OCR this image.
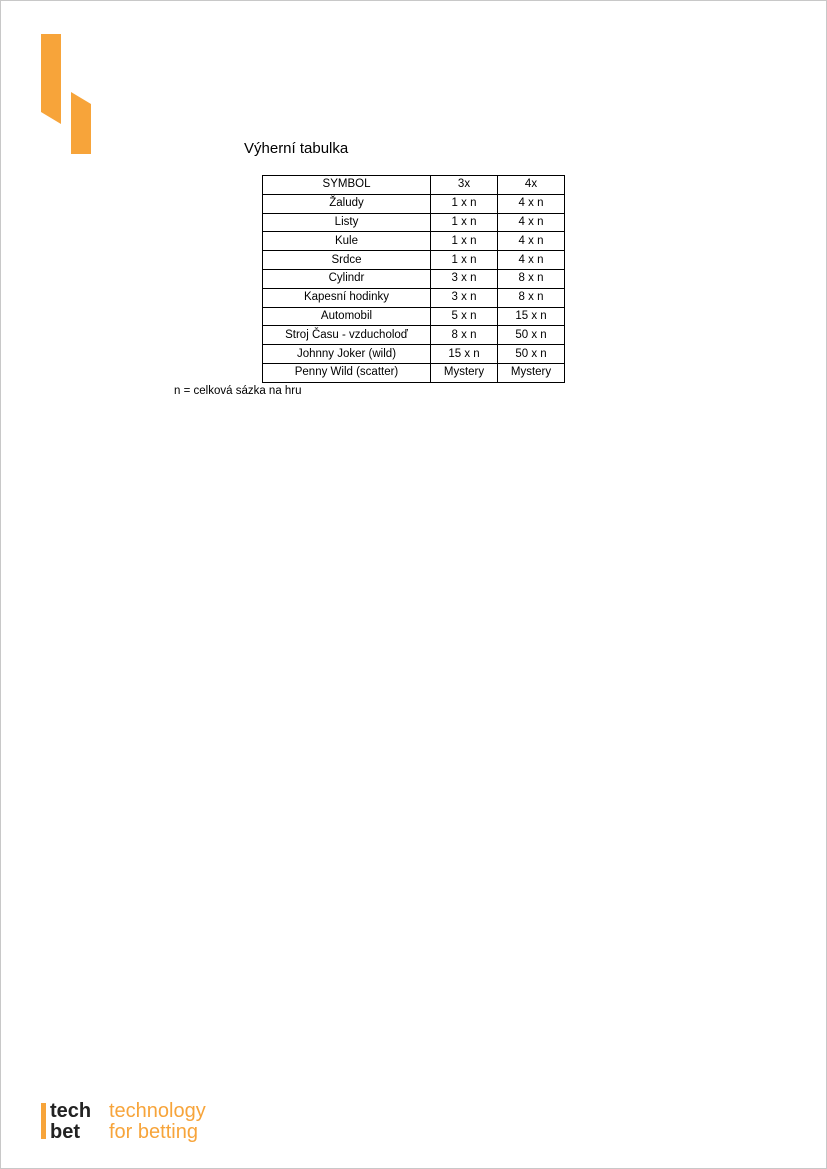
Výherní tabulka
SYMBOL	3x	4x
Žaludy	1 x n	4 x n
Listy	1 x n	4 x n
Kule	1 x n	4 x n
Srdce	1 x n	4 x n
Cylindr	3 x n	8 x n
Kapesní hodinky	3 x n	8 x n
Automobil	5 x n	15 x n
Stroj Času - vzducholoď	8 x n	50 x n
Johnny Joker (wild)	15 x n	50 x n
Penny Wild (scatter)	Mystery	Mystery
n = celková sázka na hru
tech
bet
technology
for betting
